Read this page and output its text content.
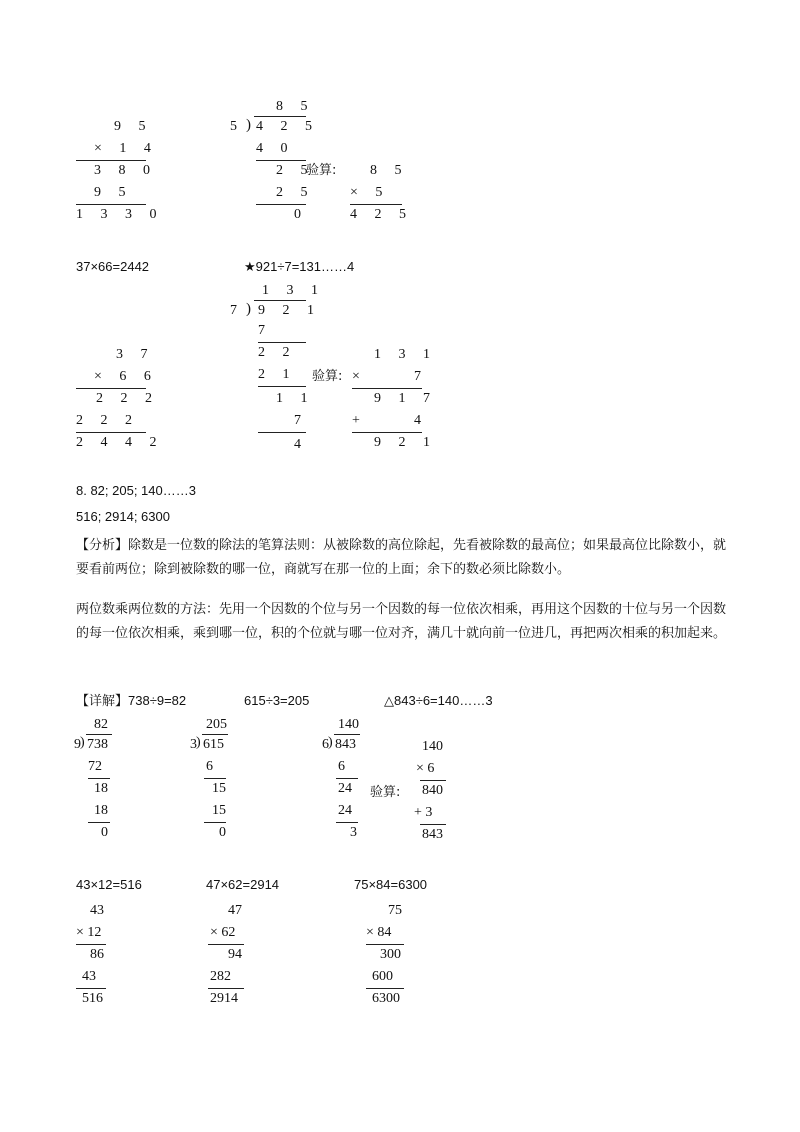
9 5
× 1 4
3 8 0
9 5
1 3 3 0
8 5
5 ) 4 2 5
4 0
2 5
2 5
0
验算: 8 5
× 5
4 2 5
37×66=2442	★921÷7=131……4
1 3 1
7 ) 9 2 1
7
2 2
2 1
1 1
7
4
3 7
× 6 6
2 2 2
2 2 2
2 4 4 2
验算:
1 3 1
×	7
9 1 7
+	4
9 2 1
8. 82; 205; 140……3
516; 2914; 6300
【分析】除数是一位数的除法的笔算法则：从被除数的高位除起，先看被除数的最高位；如果最高位比除数小，就要看前两位；除到被除数的哪一位，商就写在那一位的上面；余下的数必须比除数小。
两位数乘两位数的方法：先用一个因数的个位与另一个因数的每一位依次相乘，再用这个因数的十位与另一个因数的每一位依次相乘，乘到哪一位，积的个位就与哪一位对齐，满几十就向前一位进几，再把两次相乘的积加起来。
【详解】738÷9=82	615÷3=205	△843÷6=140……3
82
9 ) 738
72
18
18
0
205
3 ) 615
6
15
15
0
140
6 ) 843
6
24
24
3
140
× 6
验算: 840
+ 3
843
43×12=516	47×62=2914	75×84=6300
43
× 12
86
43
516
47
× 62
94
282
2914
75
× 84
300
600
6300
